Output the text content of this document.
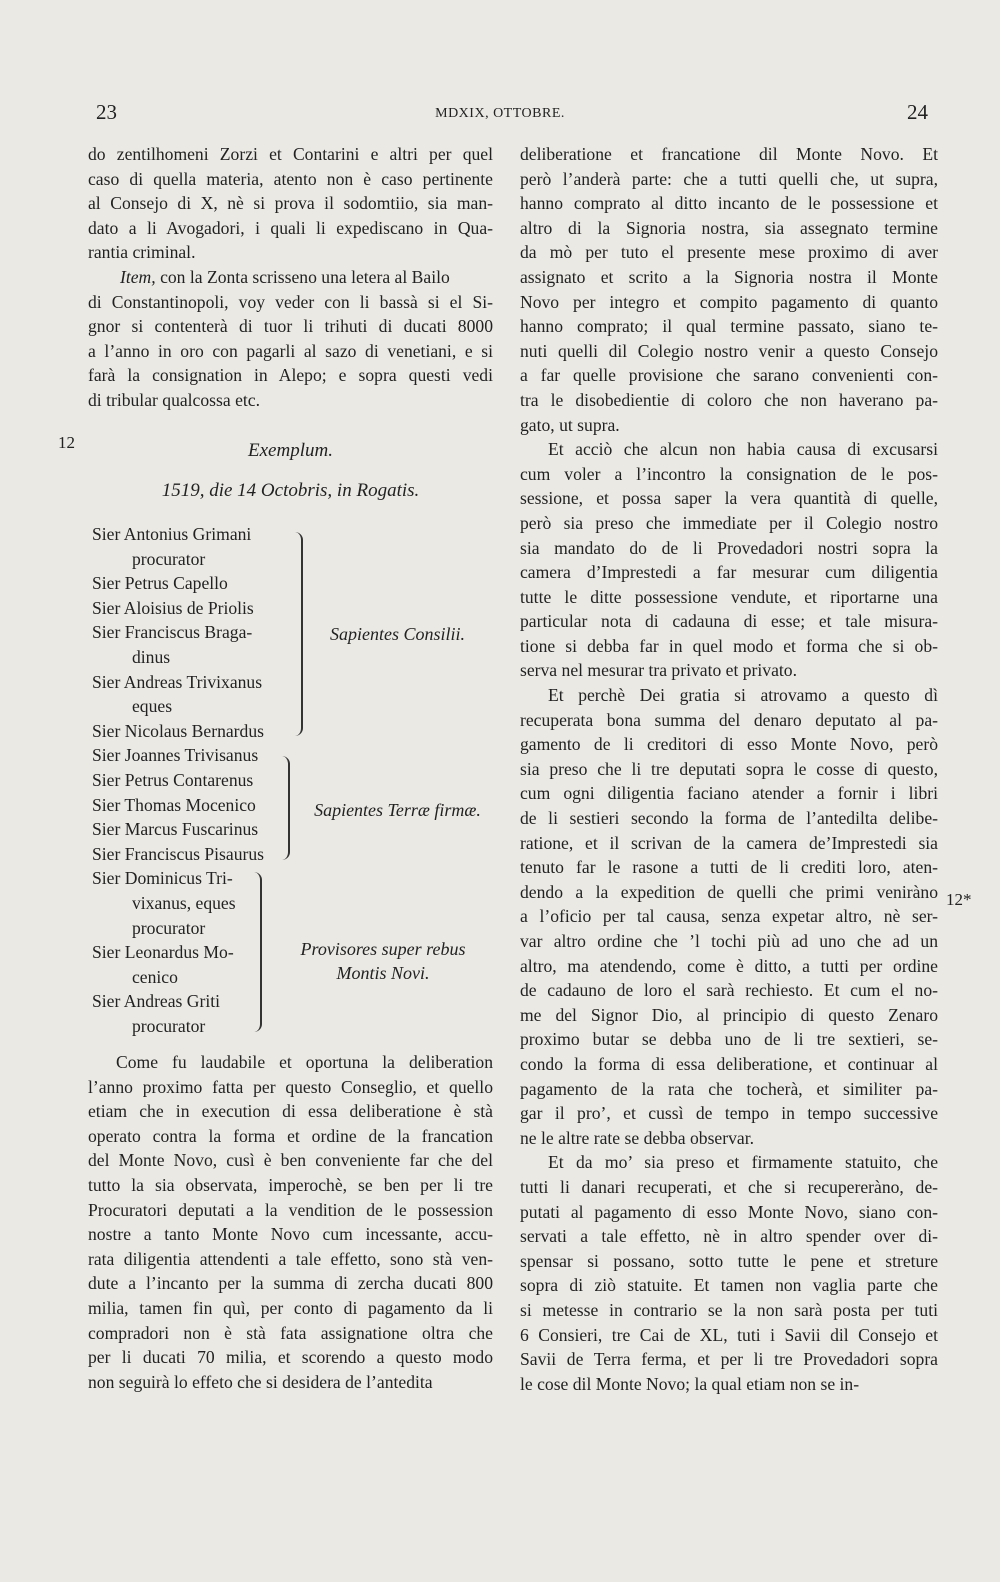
23	MDXIX, OTTOBRE.	24
12
12*
do zentilhomeni Zorzi et Contarini e altri per quel
caso di quella materia, atento non è caso pertinente
al Consejo di X, nè si prova il sodomtiio, sia man-
dato a li Avogadori, i quali li expediscano in Qua-
rantia criminal.
Item, con la Zonta scrisseno una letera al Bailo
di Constantinopoli, voy veder con li bassà si el Si-
gnor si contenterà di tuor li trihuti di ducati 8000
a l’anno in oro con pagarli al sazo di venetiani, e si
farà la consignation in Alepo; e sopra questi vedi
di tribular qualcossa etc.
Exemplum.
1519, die 14 Octobris, in Rogatis.
Sier Antonius Grimani
procurator
Sier Petrus Capello
Sier Aloisius de Priolis
Sier Franciscus Braga-
dinus
Sier Andreas Trivixanus
eques
Sier Nicolaus Bernardus
Sier Joannes Trivisanus
Sier Petrus Contarenus
Sier Thomas Mocenico
Sier Marcus Fuscarinus
Sier Franciscus Pisaurus
Sier Dominicus Tri-
vixanus, eques
procurator
Sier Leonardus Mo-
cenico
Sier Andreas Griti
procurator
Sapientes Consilii.
Sapientes Terræ firmæ.
Provisores super rebus
Montis Novi.
Come fu laudabile et oportuna la deliberation
l’anno proximo fatta per questo Conseglio, et quello
etiam che in execution di essa deliberatione è stà
operato contra la forma et ordine de la francation
del Monte Novo, cusì è ben conveniente far che del
tutto la sia observata, imperochè, se ben per li tre
Procuratori deputati a la vendition de le possession
nostre a tanto Monte Novo cum incessante, accu-
rata diligentia attendenti a tale effetto, sono stà ven-
dute a l’incanto per la summa di zercha ducati 800
milia, tamen fin quì, per conto di pagamento da li
compradori non è stà fata assignatione oltra che
per li ducati 70 milia, et scorendo a questo modo
non seguirà lo effeto che si desidera de l’antedita
deliberatione et francatione dil Monte Novo. Et
però l’anderà parte: che a tutti quelli che, ut supra,
hanno comprato al ditto incanto de le possessione et
altro di la Signoria nostra, sia assegnato termine
da mò per tuto el presente mese proximo di aver
assignato et scrito a la Signoria nostra il Monte
Novo per integro et compito pagamento di quanto
hanno comprato; il qual termine passato, siano te-
nuti quelli dil Colegio nostro venir a questo Consejo
a far quelle provisione che sarano convenienti con-
tra le disobedientie di coloro che non haverano pa-
gato, ut supra.
Et acciò che alcun non habia causa di excusarsi
cum voler a l’incontro la consignation de le pos-
sessione, et possa saper la vera quantità di quelle,
però sia preso che immediate per il Colegio nostro
sia mandato do de li Provedadori nostri sopra la
camera d’Imprestedi a far mesurar cum diligentia
tutte le ditte possessione vendute, et riportarne una
particular nota di cadauna di esse; et tale misura-
tione si debba far in quel modo et forma che si ob-
serva nel mesurar tra privato et privato.
Et perchè Dei gratia si atrovamo a questo dì
recuperata bona summa del denaro deputato al pa-
gamento de li creditori di esso Monte Novo, però
sia preso che li tre deputati sopra le cosse di questo,
cum ogni diligentia faciano atender a fornir i libri
de li sestieri secondo la forma de l’antedilta delibe-
ratione, et il scrivan de la camera de’Imprestedi sia
tenuto far le rasone a tutti de li crediti loro, aten-
dendo a la expedition de quelli che primi veniràno
a l’oficio per tal causa, senza expetar altro, nè ser-
var altro ordine che ’l tochi più ad uno che ad un
altro, ma atendendo, come è ditto, a tutti per ordine
de cadauno de loro el sarà rechiesto. Et cum el no-
me del Signor Dio, al principio di questo Zenaro
proximo butar se debba uno de li tre sextieri, se-
condo la forma di essa deliberatione, et continuar al
pagamento de la rata che tocherà, et similiter pa-
gar il pro’, et cussì de tempo in tempo successive
ne le altre rate se debba observar.
Et da mo’ sia preso et firmamente statuito, che
tutti li danari recuperati, et che si recupereràno, de-
putati al pagamento di esso Monte Novo, siano con-
servati a tale effetto, nè in altro spender over di-
spensar si possano, sotto tutte le pene et streture
sopra di ziò statuite. Et tamen non vaglia parte che
si metesse in contrario se la non sarà posta per tuti
6 Consieri, tre Cai de XL, tuti i Savii dil Consejo et
Savii de Terra ferma, et per li tre Provedadori sopra
le cose dil Monte Novo; la qual etiam non se in-
